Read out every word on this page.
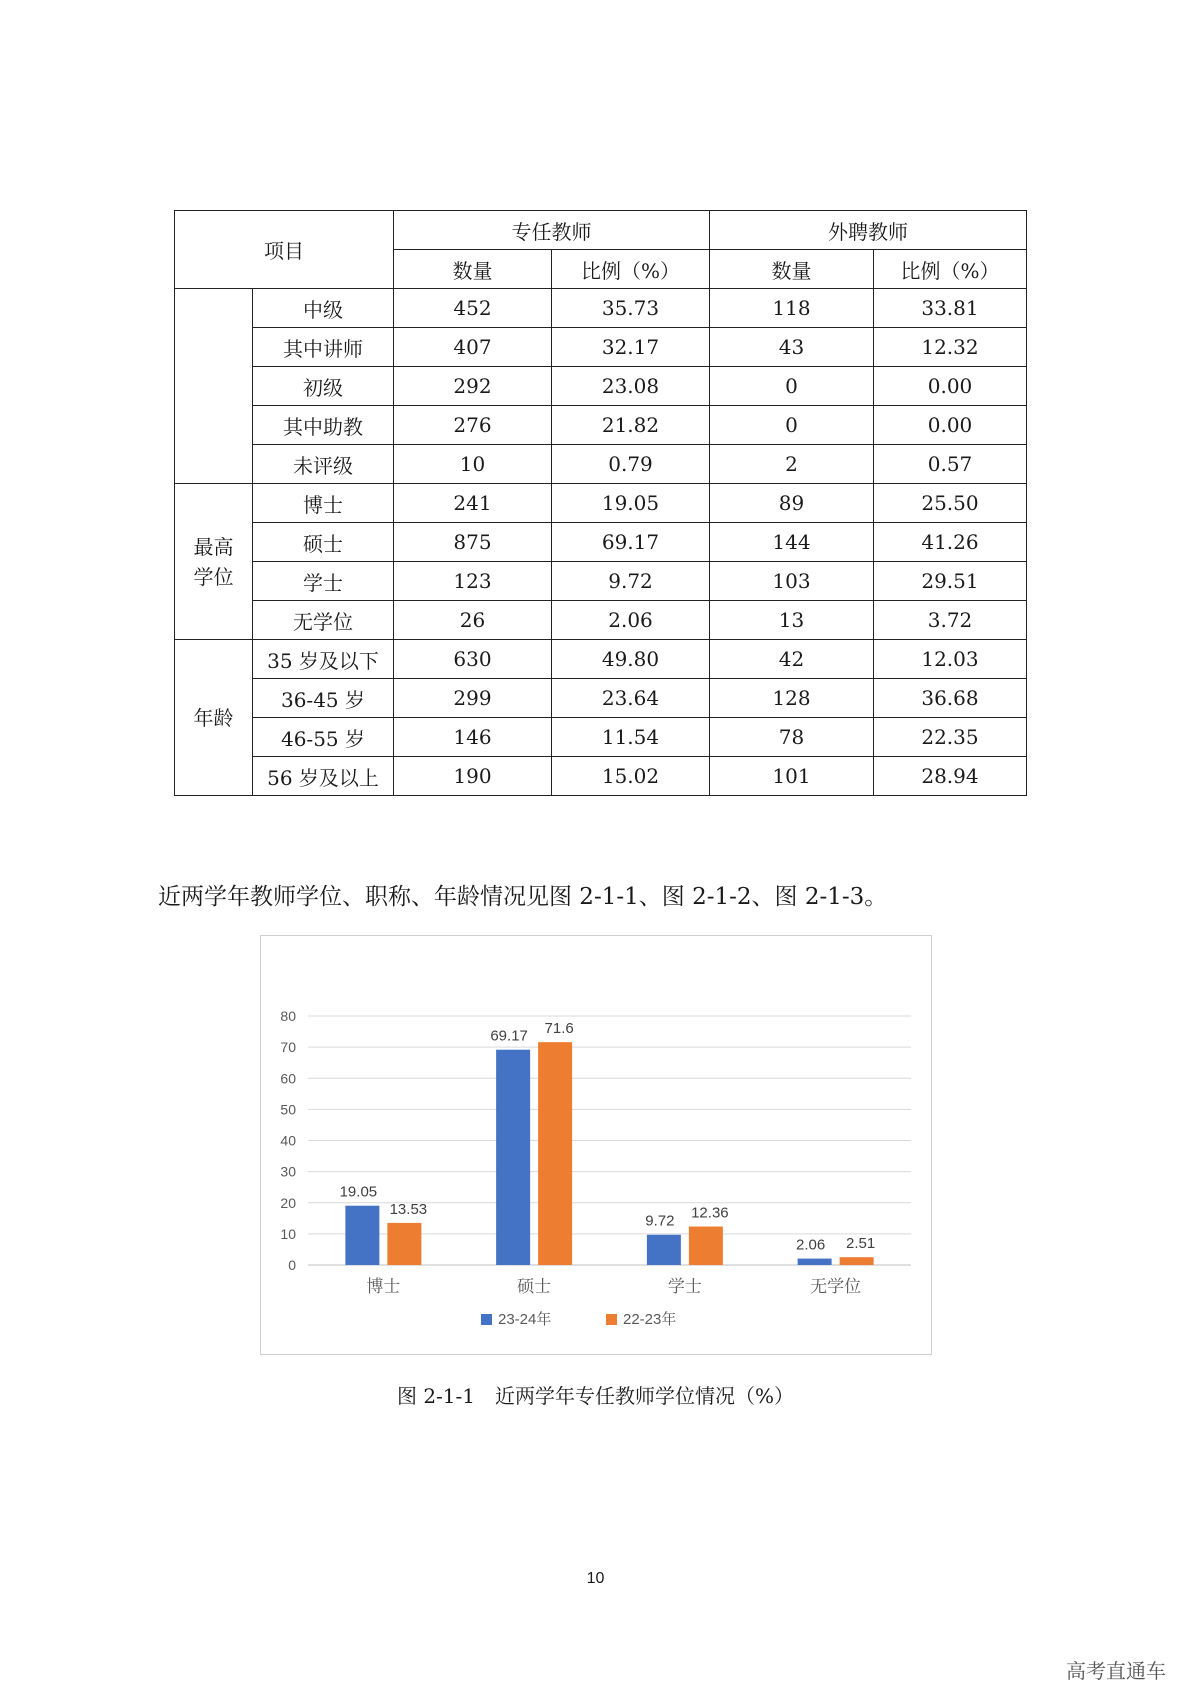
项目		专任教师		外聘教师	
		数量	比例（%）	数量	比例（%）
	中级	452	35.73	118	33.81
	其中讲师	407	32.17	43	12.32
	初级	292	23.08	0	0.00
	其中助教	276	21.82	0	0.00
	未评级	10	0.79	2	0.57
最高
学位	博士	241	19.05	89	25.50
	硕士	875	69.17	144	41.26
	学士	123	9.72	103	29.51
	无学位	26	2.06	13	3.72
年龄	35 岁及以下	630	49.80	42	12.03
	36-45 岁	299	23.64	128	36.68
	46-55 岁	146	11.54	78	22.35
	56 岁及以上	190	15.02	101	28.94
近两学年教师学位、职称、年龄情况见图 2-1-1、图 2-1-2、图 2-1-3。
0
10
20
30
40
50
60
70
80
19.05
13.53
博士
69.17 71.6
硕士
9.72 12.36
学士
2.06 2.51
无学位
23-24年	22-23年
图 2-1-1　近两学年专任教师学位情况（%）
10
高考直通车
